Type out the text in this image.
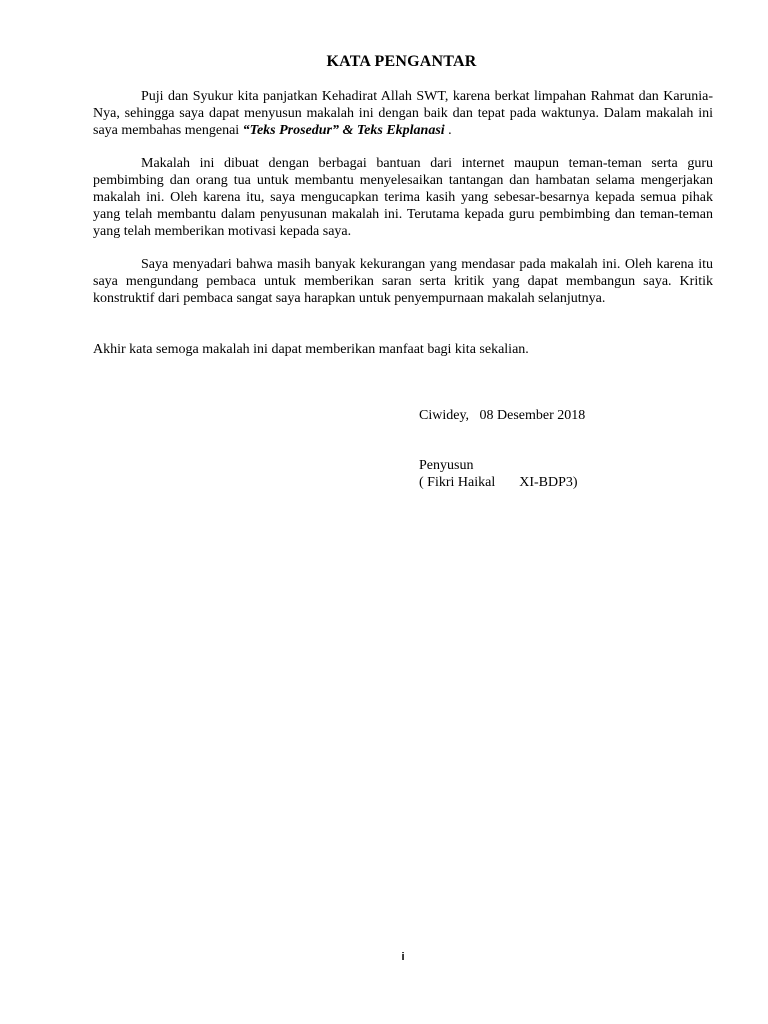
KATA PENGANTAR

Puji dan Syukur kita panjatkan Kehadirat Allah SWT, karena berkat limpahan Rahmat dan Karunia-Nya, sehingga saya dapat menyusun makalah ini dengan baik dan tepat pada waktunya. Dalam makalah ini saya membahas mengenai “Teks Prosedur” & Teks Ekplanasi .

Makalah ini dibuat dengan berbagai bantuan dari internet maupun teman-teman serta guru pembimbing dan orang tua untuk membantu menyelesaikan tantangan dan hambatan selama mengerjakan makalah ini. Oleh karena itu, saya mengucapkan terima kasih yang sebesar-besarnya kepada semua pihak yang telah membantu dalam penyusunan makalah ini. Terutama kepada guru pembimbing dan teman-teman yang telah memberikan motivasi kepada saya.

Saya menyadari bahwa masih banyak kekurangan yang mendasar pada makalah ini. Oleh karena itu saya mengundang pembaca untuk memberikan saran serta kritik yang dapat membangun saya. Kritik konstruktif dari pembaca sangat saya harapkan untuk penyempurnaan makalah selanjutnya.

Akhir kata semoga makalah ini dapat memberikan manfaat bagi kita sekalian.

Ciwidey,   08 Desember 2018
Penyusun
( Fikri Haikal XI-BDP3)
i
